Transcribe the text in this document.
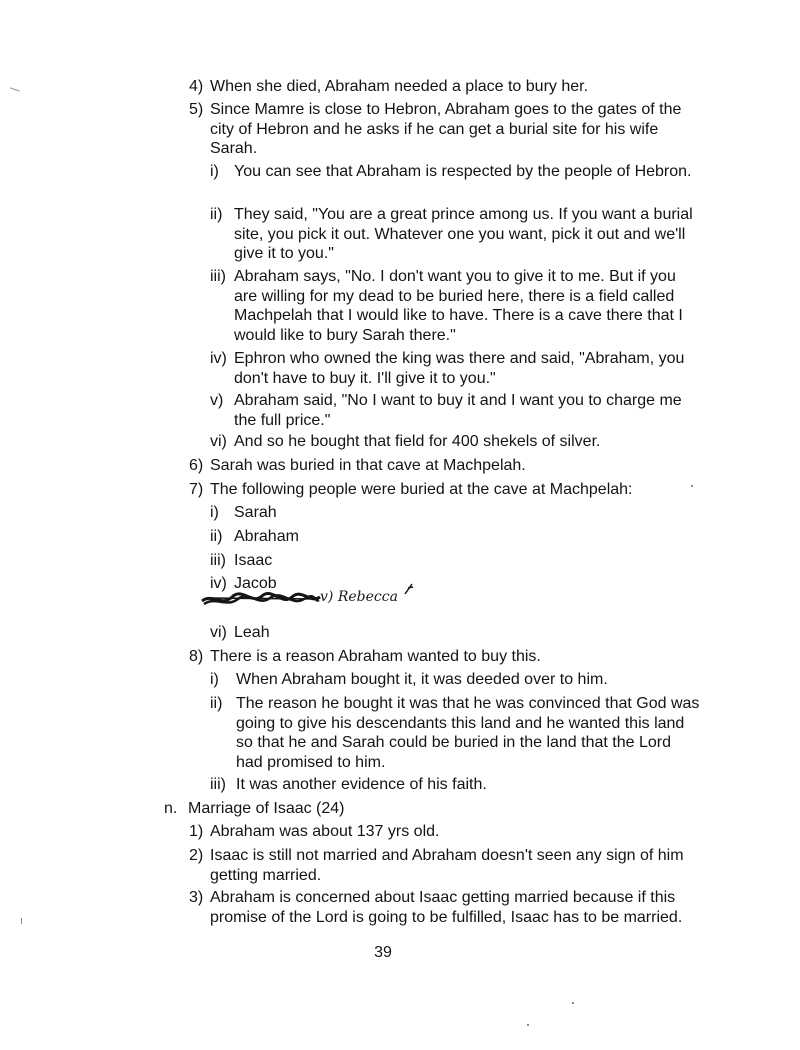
4) When she died, Abraham needed a place to bury her.
5) Since Mamre is close to Hebron, Abraham goes to the gates of the city of Hebron and he asks if he can get a burial site for his wife Sarah.
i) You can see that Abraham is respected by the people of Hebron.
ii) They said, "You are a great prince among us. If you want a burial site, you pick it out. Whatever one you want, pick it out and we'll give it to you."
iii) Abraham says, "No. I don't want you to give it to me. But if you are willing for my dead to be buried here, there is a field called Machpelah that I would like to have. There is a cave there that I would like to bury Sarah there."
iv) Ephron who owned the king was there and said, "Abraham, you don't have to buy it. I'll give it to you."
v) Abraham said, "No I want to buy it and I want you to charge me the full price."
vi) And so he bought that field for 400 shekels of silver.
6) Sarah was buried in that cave at Machpelah.
7) The following people were buried at the cave at Machpelah:
i) Sarah
ii) Abraham
iii) Isaac
iv) Jacob
v) Rebecca
vi) Leah
8) There is a reason Abraham wanted to buy this.
i) When Abraham bought it, it was deeded over to him.
ii) The reason he bought it was that he was convinced that God was going to give his descendants this land and he wanted this land so that he and Sarah could be buried in the land that the Lord had promised to him.
iii) It was another evidence of his faith.
n. Marriage of Isaac (24)
1) Abraham was about 137 yrs old.
2) Isaac is still not married and Abraham doesn't seen any sign of him getting married.
3) Abraham is concerned about Isaac getting married because if this promise of the Lord is going to be fulfilled, Isaac has to be married.
39
